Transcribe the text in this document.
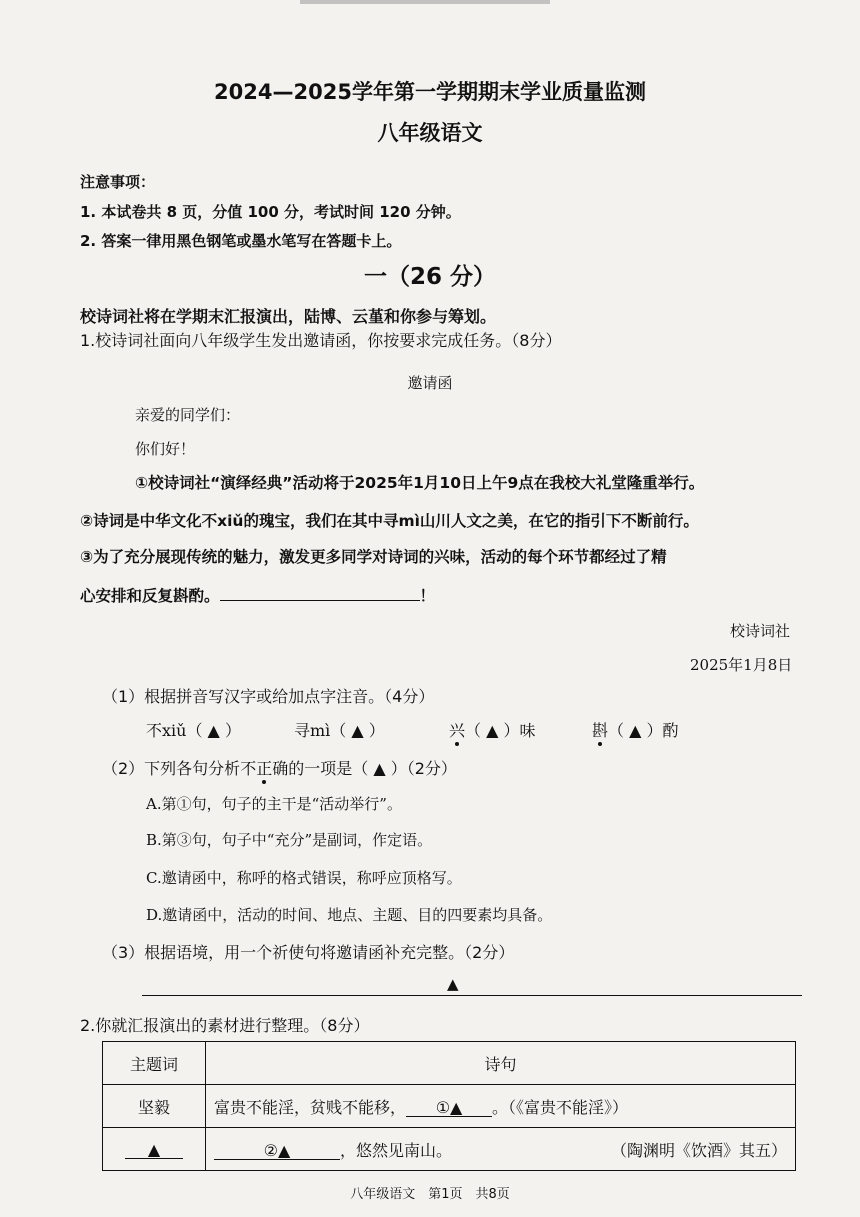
2024—2025学年第一学期期末学业质量监测
八年级语文
注意事项：
1. 本试卷共 8 页，分值 100 分，考试时间 120 分钟。
2. 答案一律用黑色钢笔或墨水笔写在答题卡上。
一（26 分）
校诗词社将在学期末汇报演出，陆博、云堇和你参与筹划。
1.校诗词社面向八年级学生发出邀请函，你按要求完成任务。（8分）
邀请函
亲爱的同学们：
你们好！
①校诗词社“演绎经典”活动将于2025年1月10日上午9点在我校大礼堂隆重举行。
②诗词是中华文化不xiǔ的瑰宝，我们在其中寻mì山川人文之美，在它的指引下不断前行。
③为了充分展现传统的魅力，激发更多同学对诗词的兴味，活动的每个环节都经过了精
心安排和反复斟酌。	！
校诗词社
2025年1月8日
（1）根据拼音写汉字或给加点字注音。（4分）
不xiǔ（ ▲ ）	寻mì（ ▲ ）	兴（ ▲ ）味	斟（ ▲ ）酌
（2）下列各句分析不正确的一项是（ ▲ ）（2分）
A.第①句，句子的主干是“活动举行”。
B.第③句，句子中“充分”是副词，作定语。
C.邀请函中，称呼的格式错误，称呼应顶格写。
D.邀请函中，活动的时间、地点、主题、目的四要素均具备。
（3）根据语境，用一个祈使句将邀请函补充完整。（2分）
▲
2.你就汇报演出的素材进行整理。（8分）
主题词	诗句
坚毅	富贵不能淫，贫贱不能移， ①▲ 。（《富贵不能淫》）
▲	②▲ ，悠然见南山。 （陶渊明《饮酒》其五）
八年级语文　第1页　共8页
